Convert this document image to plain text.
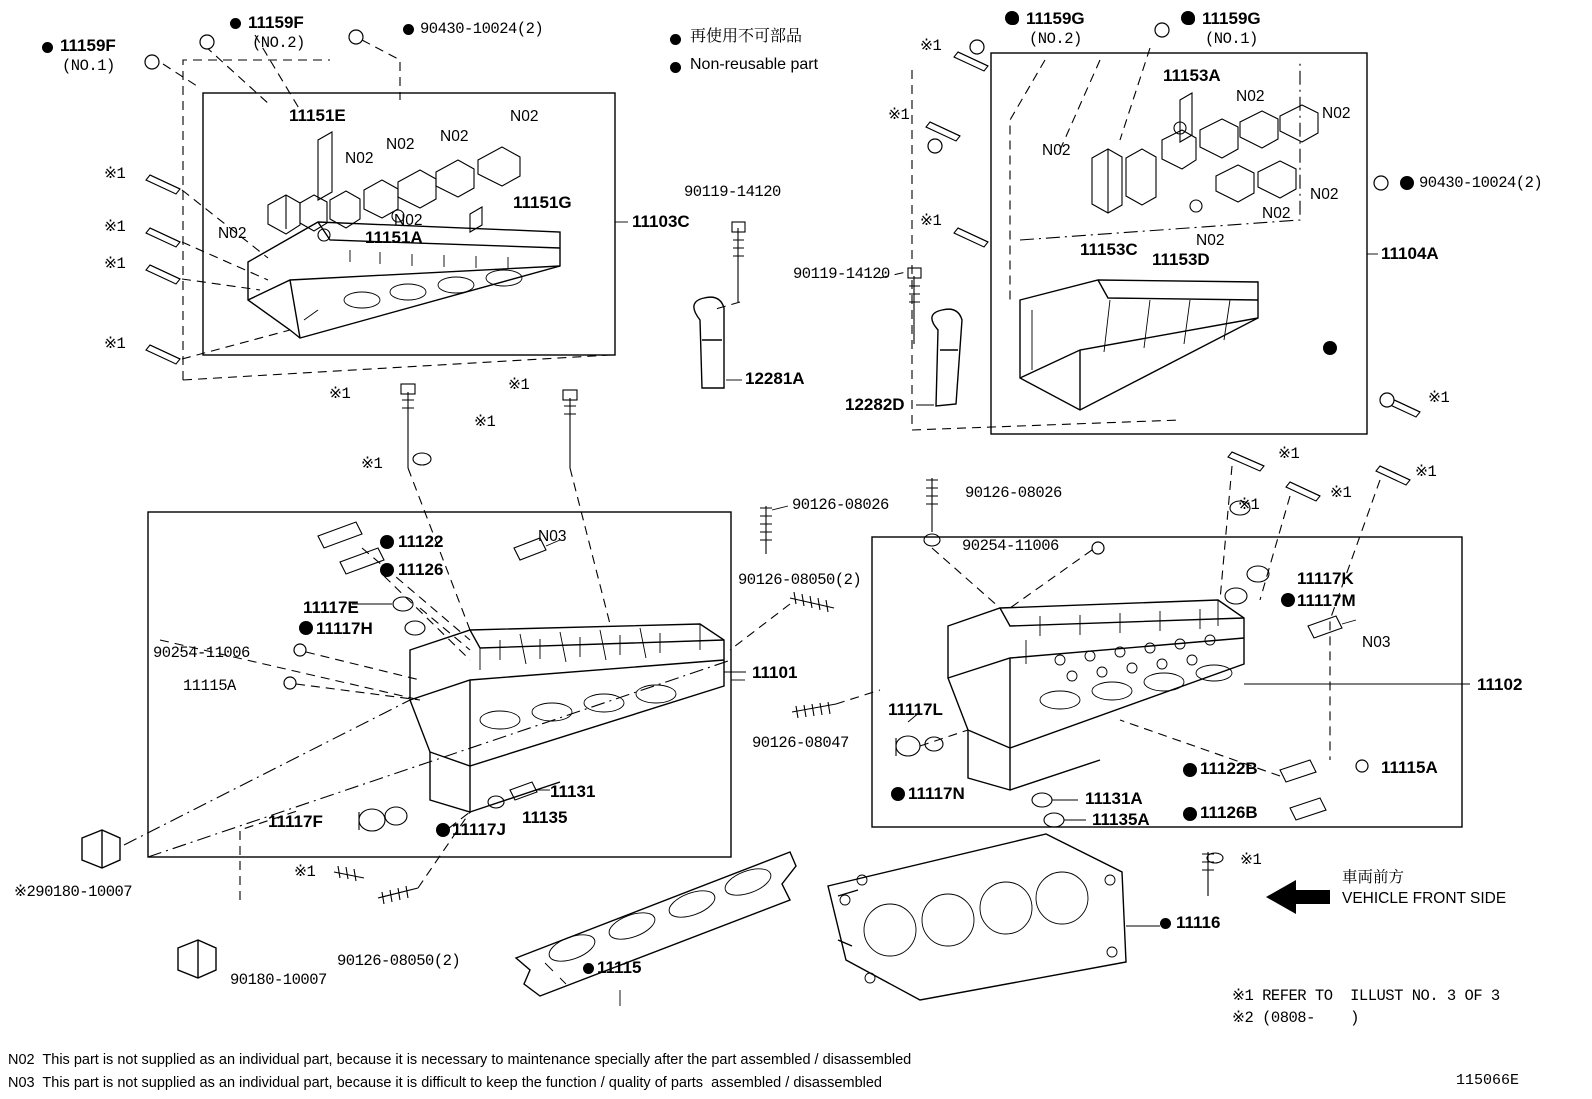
再使用不可部品
Non-reusable part
11159F
(NO.1)
11159F
(NO.2)
90430-10024(2)
11151E
11151A
11151G
11103C
N02
N02
N02 N02
N02
N02
※1
※1
※1
※1
90119-14120
12281A
90119-14120
12282D
11159G
(NO.2)
11159G
(NO.1)
11153A
11153C
11153D	11104A
N02
N02
N02
N02
N02
N02
※1
※1
※1
※1
90430-10024(2)
11122
11126
N03
11117E
11117H
90254-11006
11115A
11101
11131
11135
11117F	11117J
※290180-10007
90180-10007
※1
90126-08050(2)
※1
※1
※1
※1
90126-08026
90126-08050(2)
90126-08047
90126-08026
11115
90254-11006
11117K
11117M
N03
11117L
11117N
11122B
11126B
11131A
11135A
11115A
11102
※1
※1
※1
※1
※1
11116
車両前方
VEHICLE FRONT SIDE
※1 REFER TO  ILLUST NO. 3 OF 3
※2 (0808-    )
N02  This part is not supplied as an individual part, because it is necessary to maintenance specially after the part assembled / disassembled
N03  This part is not supplied as an individual part, because it is difficult to keep the function / quality of parts  assembled / disassembled	115066E
